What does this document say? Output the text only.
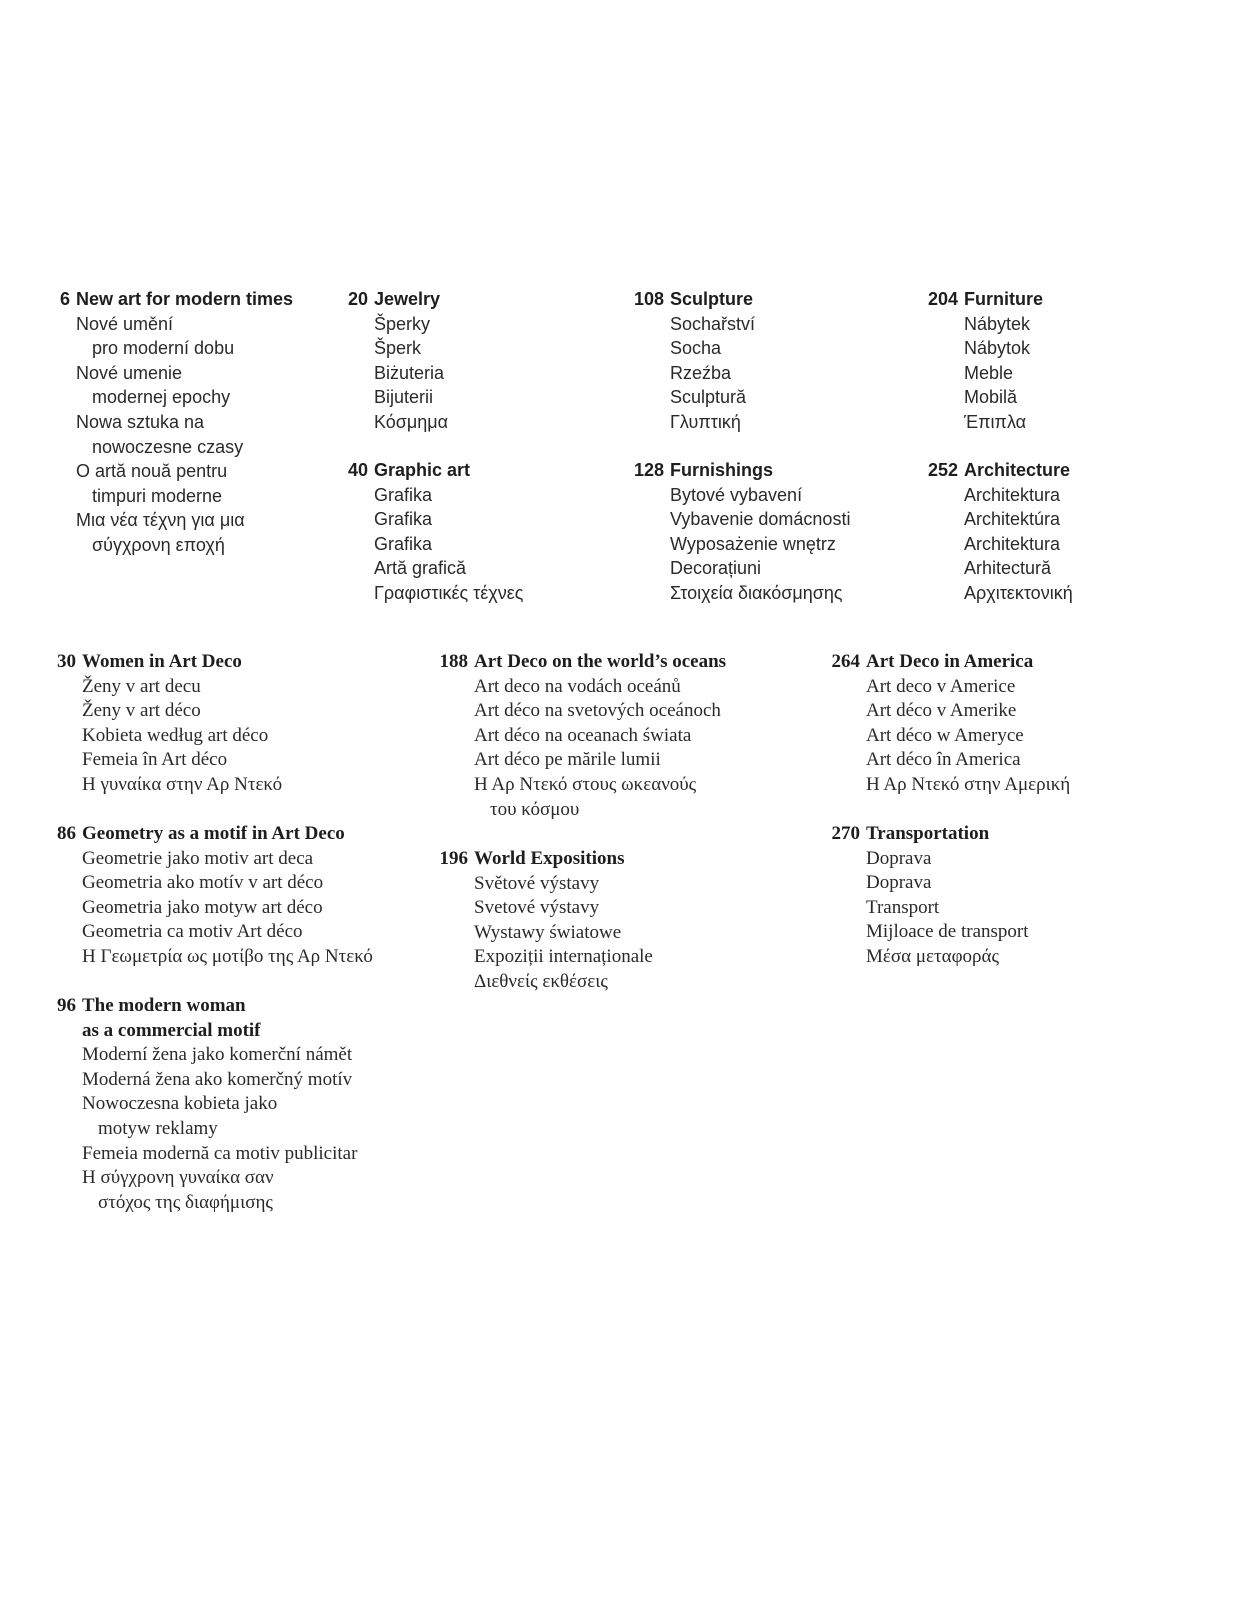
6 New art for modern times
Nové umění
pro moderní dobu
Nové umenie
modernej epochy
Nowa sztuka na
nowoczesne czasy
O artă nouă pentru
timpuri moderne
Μια νέα τέχνη για μια
σύγχρονη εποχή
20 Jewelry
Šperky
Šperk
Biżuteria
Bijuterii
Κόσμημα
40 Graphic art
Grafika
Grafika
Grafika
Artă grafică
Γραφιστικές τέχνες
108 Sculpture
Sochařství
Socha
Rzeźba
Sculptură
Γλυπτική
128 Furnishings
Bytové vybavení
Vybavenie domácnosti
Wyposażenie wnętrz
Decorațiuni
Στοιχεία διακόσμησης
204 Furniture
Nábytek
Nábytok
Meble
Mobilă
Έπιπλα
252 Architecture
Architektura
Architektúra
Architektura
Arhitectură
Αρχιτεκτονική
30 Women in Art Deco
Ženy v art decu
Ženy v art déco
Kobieta według art déco
Femeia în Art déco
Η γυναίκα στην Αρ Ντεκό
86 Geometry as a motif in Art Deco
Geometrie jako motiv art deca
Geometria ako motív v art déco
Geometria jako motyw art déco
Geometria ca motiv Art déco
Η Γεωμετρία ως μοτίβο της Αρ Ντεκό
96 The modern woman
as a commercial motif
Moderní žena jako komerční námět
Moderná žena ako komerčný motív
Nowoczesna kobieta jako
motyw reklamy
Femeia modernă ca motiv publicitar
Η σύγχρονη γυναίκα σαν
στόχος της διαφήμισης
188 Art Deco on the world’s oceans
Art deco na vodách oceánů
Art déco na svetových oceánoch
Art déco na oceanach świata
Art déco pe mările lumii
Η Αρ Ντεκό στους ωκεανούς
του κόσμου
196 World Expositions
Světové výstavy
Svetové výstavy
Wystawy światowe
Expoziții internaționale
Διεθνείς εκθέσεις
264 Art Deco in America
Art deco v Americe
Art déco v Amerike
Art déco w Ameryce
Art déco în America
Η Αρ Ντεκό στην Αμερική
270 Transportation
Doprava
Doprava
Transport
Mijloace de transport
Μέσα μεταφοράς
